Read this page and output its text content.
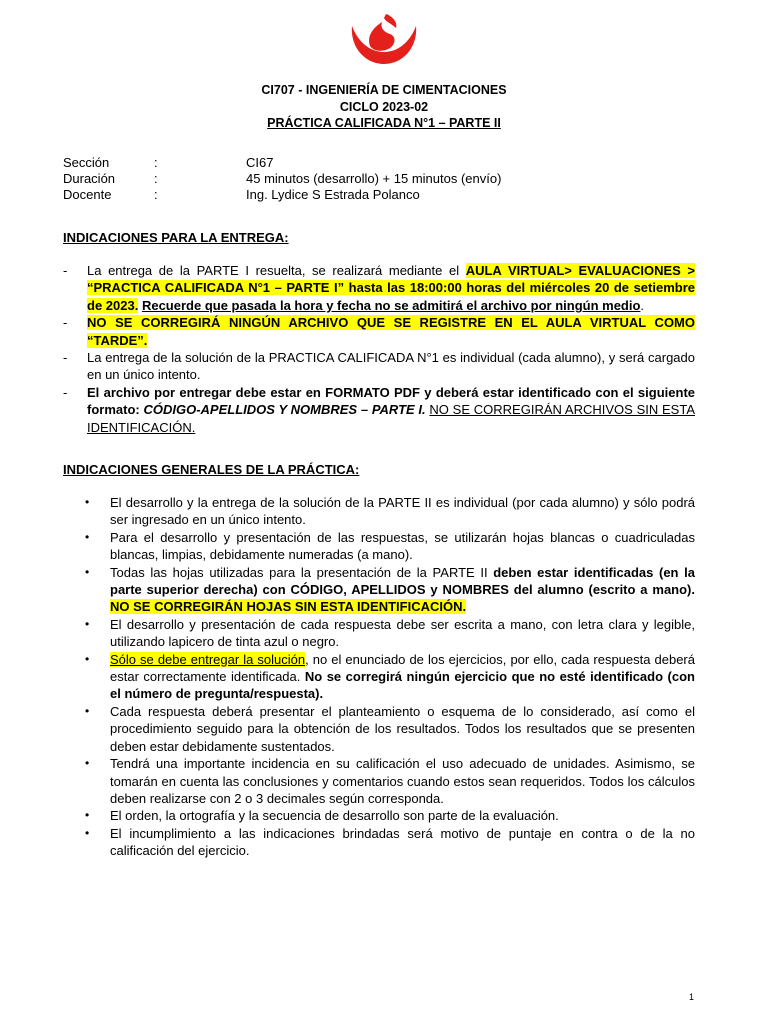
CI707 - INGENIERÍA DE CIMENTACIONES
CICLO 2023-02
PRÁCTICA CALIFICADA N°1 – PARTE II
Sección	:	CI67
Duración	:	45 minutos (desarrollo) + 15 minutos (envío)
Docente	:	Ing. Lydice S Estrada Polanco
INDICACIONES PARA LA ENTREGA:
- La entrega de la PARTE I resuelta, se realizará mediante el AULA VIRTUAL> EVALUACIONES > “PRACTICA CALIFICADA N°1 – PARTE I” hasta las 18:00:00 horas del miércoles 20 de setiembre de 2023. Recuerde que pasada la hora y fecha no se admitirá el archivo por ningún medio.
- NO SE CORREGIRÁ NINGÚN ARCHIVO QUE SE REGISTRE EN EL AULA VIRTUAL COMO “TARDE”.
- La entrega de la solución de la PRACTICA CALIFICADA N°1 es individual (cada alumno), y será cargado en un único intento.
- El archivo por entregar debe estar en FORMATO PDF y deberá estar identificado con el siguiente formato: CÓDIGO-APELLIDOS Y NOMBRES – PARTE I. NO SE CORREGIRÁN ARCHIVOS SIN ESTA IDENTIFICACIÓN.
INDICACIONES GENERALES DE LA PRÁCTICA:
• El desarrollo y la entrega de la solución de la PARTE II es individual (por cada alumno) y sólo podrá ser ingresado en un único intento.
• Para el desarrollo y presentación de las respuestas, se utilizarán hojas blancas o cuadriculadas blancas, limpias, debidamente numeradas (a mano).
• Todas las hojas utilizadas para la presentación de la PARTE II deben estar identificadas (en la parte superior derecha) con CÓDIGO, APELLIDOS y NOMBRES del alumno (escrito a mano). NO SE CORREGIRÁN HOJAS SIN ESTA IDENTIFICACIÓN.
• El desarrollo y presentación de cada respuesta debe ser escrita a mano, con letra clara y legible, utilizando lapicero de tinta azul o negro.
• Sólo se debe entregar la solución, no el enunciado de los ejercicios, por ello, cada respuesta deberá estar correctamente identificada. No se corregirá ningún ejercicio que no esté identificado (con el número de pregunta/respuesta).
• Cada respuesta deberá presentar el planteamiento o esquema de lo considerado, así como el procedimiento seguido para la obtención de los resultados. Todos los resultados que se presenten deben estar debidamente sustentados.
• Tendrá una importante incidencia en su calificación el uso adecuado de unidades. Asimismo, se tomarán en cuenta las conclusiones y comentarios cuando estos sean requeridos. Todos los cálculos deben realizarse con 2 o 3 decimales según corresponda.
• El orden, la ortografía y la secuencia de desarrollo son parte de la evaluación.
• El incumplimiento a las indicaciones brindadas será motivo de puntaje en contra o de la no calificación del ejercicio.
1
